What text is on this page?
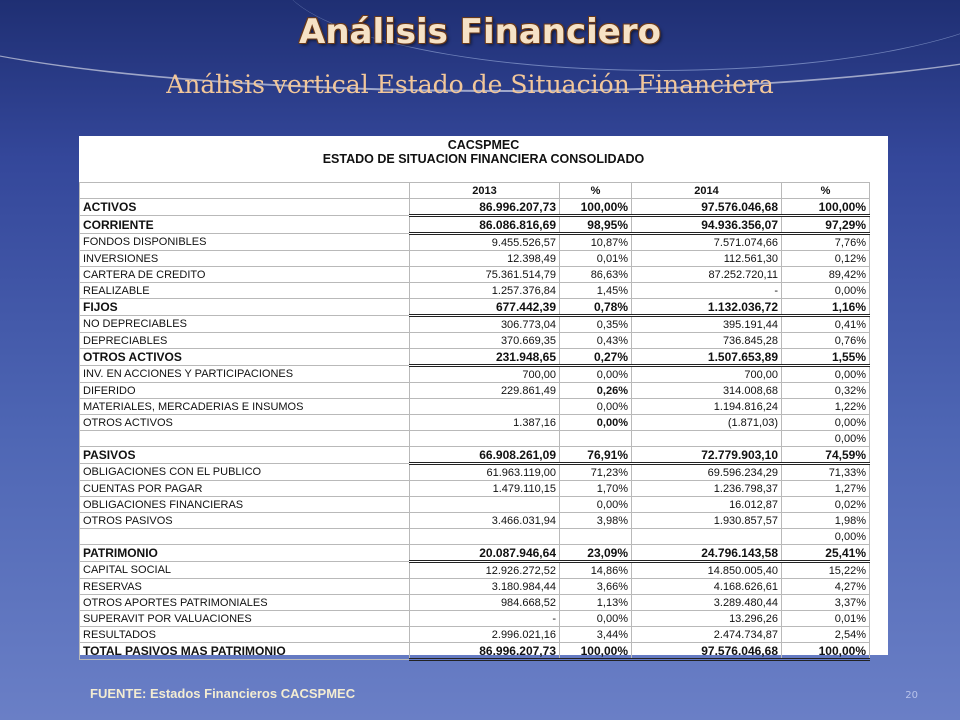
Análisis Financiero
Análisis vertical Estado de Situación Financiera
CACSPMEC
ESTADO DE SITUACION FINANCIERA CONSOLIDADO
	2013	%	2014	%
ACTIVOS	86.996.207,73	100,00%	97.576.046,68	100,00%
CORRIENTE	86.086.816,69	98,95%	94.936.356,07	97,29%
FONDOS DISPONIBLES	9.455.526,57	10,87%	7.571.074,66	7,76%
INVERSIONES	12.398,49	0,01%	112.561,30	0,12%
CARTERA DE CREDITO	75.361.514,79	86,63%	87.252.720,11	89,42%
REALIZABLE	1.257.376,84	1,45%	-	0,00%
FIJOS	677.442,39	0,78%	1.132.036,72	1,16%
NO DEPRECIABLES	306.773,04	0,35%	395.191,44	0,41%
DEPRECIABLES	370.669,35	0,43%	736.845,28	0,76%
OTROS ACTIVOS	231.948,65	0,27%	1.507.653,89	1,55%
INV. EN ACCIONES Y PARTICIPACIONES	700,00	0,00%	700,00	0,00%
DIFERIDO	229.861,49	0,26%	314.008,68	0,32%
MATERIALES, MERCADERIAS E INSUMOS		0,00%	1.194.816,24	1,22%
OTROS ACTIVOS	1.387,16	0,00%	(1.871,03)	0,00%
				0,00%
PASIVOS	66.908.261,09	76,91%	72.779.903,10	74,59%
OBLIGACIONES CON EL PUBLICO	61.963.119,00	71,23%	69.596.234,29	71,33%
CUENTAS POR PAGAR	1.479.110,15	1,70%	1.236.798,37	1,27%
OBLIGACIONES FINANCIERAS		0,00%	16.012,87	0,02%
OTROS PASIVOS	3.466.031,94	3,98%	1.930.857,57	1,98%
				0,00%
PATRIMONIO	20.087.946,64	23,09%	24.796.143,58	25,41%
CAPITAL SOCIAL	12.926.272,52	14,86%	14.850.005,40	15,22%
RESERVAS	3.180.984,44	3,66%	4.168.626,61	4,27%
OTROS APORTES PATRIMONIALES	984.668,52	1,13%	3.289.480,44	3,37%
SUPERAVIT POR VALUACIONES	-	0,00%	13.296,26	0,01%
RESULTADOS	2.996.021,16	3,44%	2.474.734,87	2,54%
TOTAL PASIVOS MAS PATRIMONIO	86.996.207,73	100,00%	97.576.046,68	100,00%
FUENTE: Estados Financieros CACSPMEC	20
